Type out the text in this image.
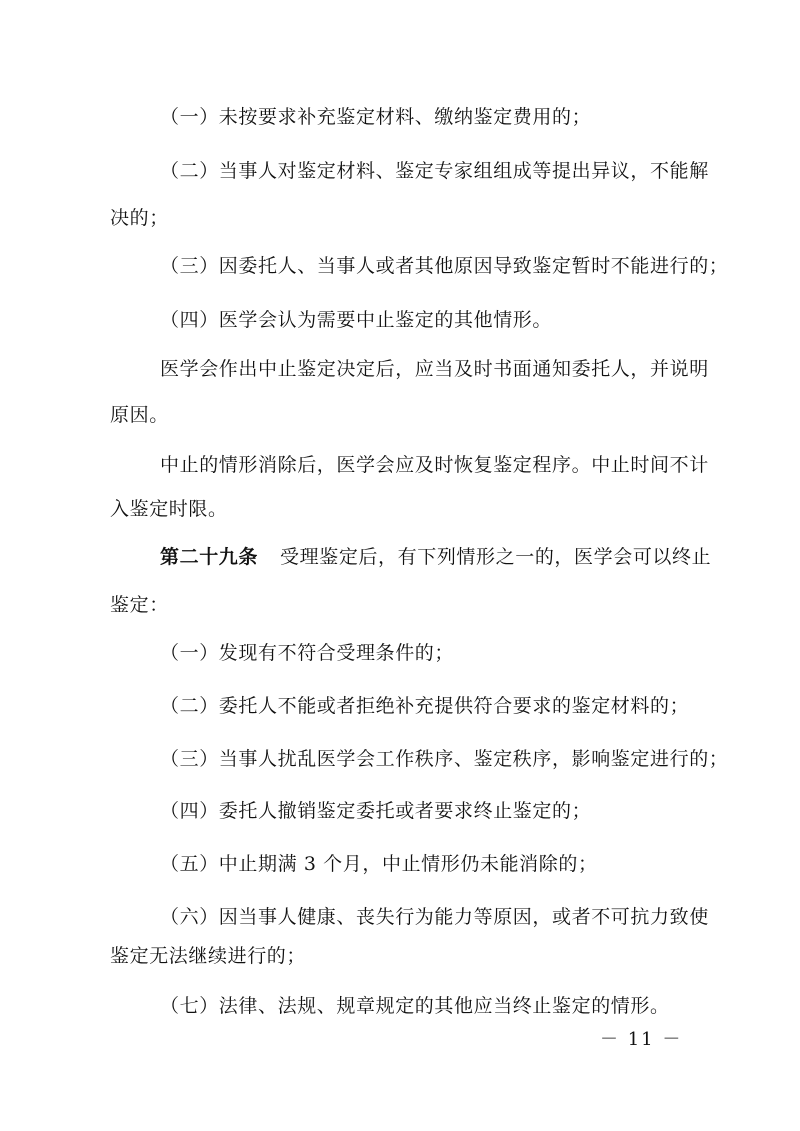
（一）未按要求补充鉴定材料、缴纳鉴定费用的；
（二）当事人对鉴定材料、鉴定专家组组成等提出异议，不能解
决的；
（三）因委托人、当事人或者其他原因导致鉴定暂时不能进行的；
（四）医学会认为需要中止鉴定的其他情形。
医学会作出中止鉴定决定后，应当及时书面通知委托人，并说明
原因。
中止的情形消除后，医学会应及时恢复鉴定程序。中止时间不计
入鉴定时限。
第二十九条 受理鉴定后，有下列情形之一的，医学会可以终止
鉴定：
（一）发现有不符合受理条件的；
（二）委托人不能或者拒绝补充提供符合要求的鉴定材料的；
（三）当事人扰乱医学会工作秩序、鉴定秩序，影响鉴定进行的；
（四）委托人撤销鉴定委托或者要求终止鉴定的；
（五）中止期满 3 个月，中止情形仍未能消除的；
（六）因当事人健康、丧失行为能力等原因，或者不可抗力致使
鉴定无法继续进行的；
（七）法律、法规、规章规定的其他应当终止鉴定的情形。
－ 11 －
